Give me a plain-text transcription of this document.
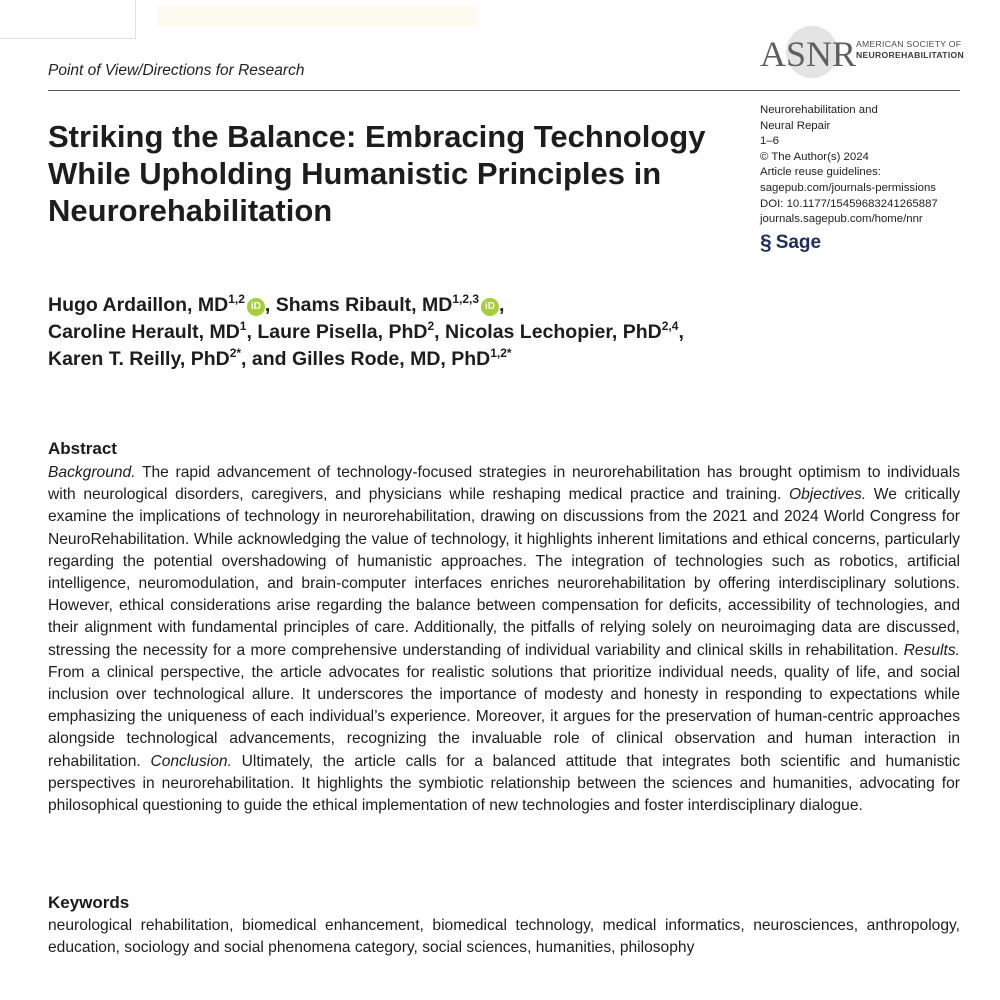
ASNR AMERICAN SOCIETY OF
NEUROREHABILITATION
Point of View/Directions for Research
Striking the Balance: Embracing Technology While Upholding Humanistic Principles in Neurorehabilitation
Neurorehabilitation and
Neural Repair
1–6
© The Author(s) 2024
Article reuse guidelines:
sagepub.com/journals-permissions
DOI: 10.1177/15459683241265887
journals.sagepub.com/home/nnr
§ Sage
Hugo Ardaillon, MD$^{1,2}$iD , Shams Ribault, MD$^{1,2,3}$iD ,
Caroline Herault, $MD^1$, Laure Pisella, PhD$^2$, Nicolas Lechopier, PhD$^{2,4}$,
Karen T. Reilly, PhD$^{2*}$, and Gilles Rode, MD, PhD$^{1,2*}$
Abstract

Background. The rapid advancement of technology-focused strategies in neurorehabilitation has brought optimism to individuals with neurological disorders, caregivers, and physicians while reshaping medical practice and training. Objectives. We critically examine the implications of technology in neurorehabilitation, drawing on discussions from the 2021 and 2024 World Congress for NeuroRehabilitation. While acknowledging the value of technology, it highlights inherent limitations and ethical concerns, particularly regarding the potential overshadowing of humanistic approaches. The integration of technologies such as robotics, artificial intelligence, neuromodulation, and brain-computer interfaces enriches neurorehabilitation by offering interdisciplinary solutions. However, ethical considerations arise regarding the balance between compensation for deficits, accessibility of technologies, and their alignment with fundamental principles of care. Additionally, the pitfalls of relying solely on neuroimaging data are discussed, stressing the necessity for a more comprehensive understanding of individual variability and clinical skills in rehabilitation. Results. From a clinical perspective, the article advocates for realistic solutions that prioritize individual needs, quality of life, and social inclusion over technological allure. It underscores the importance of modesty and honesty in responding to expectations while emphasizing the uniqueness of each individual’s experience. Moreover, it argues for the preservation of human-centric approaches alongside technological advancements, recognizing the invaluable role of clinical observation and human interaction in rehabilitation. Conclusion. Ultimately, the article calls for a balanced attitude that integrates both scientific and humanistic perspectives in neurorehabilitation. It highlights the symbiotic relationship between the sciences and humanities, advocating for philosophical questioning to guide the ethical implementation of new technologies and foster interdisciplinary dialogue.

Keywords

neurological rehabilitation, biomedical enhancement, biomedical technology, medical informatics, neurosciences, anthropology, education, sociology and social phenomena category, social sciences, humanities, philosophy
